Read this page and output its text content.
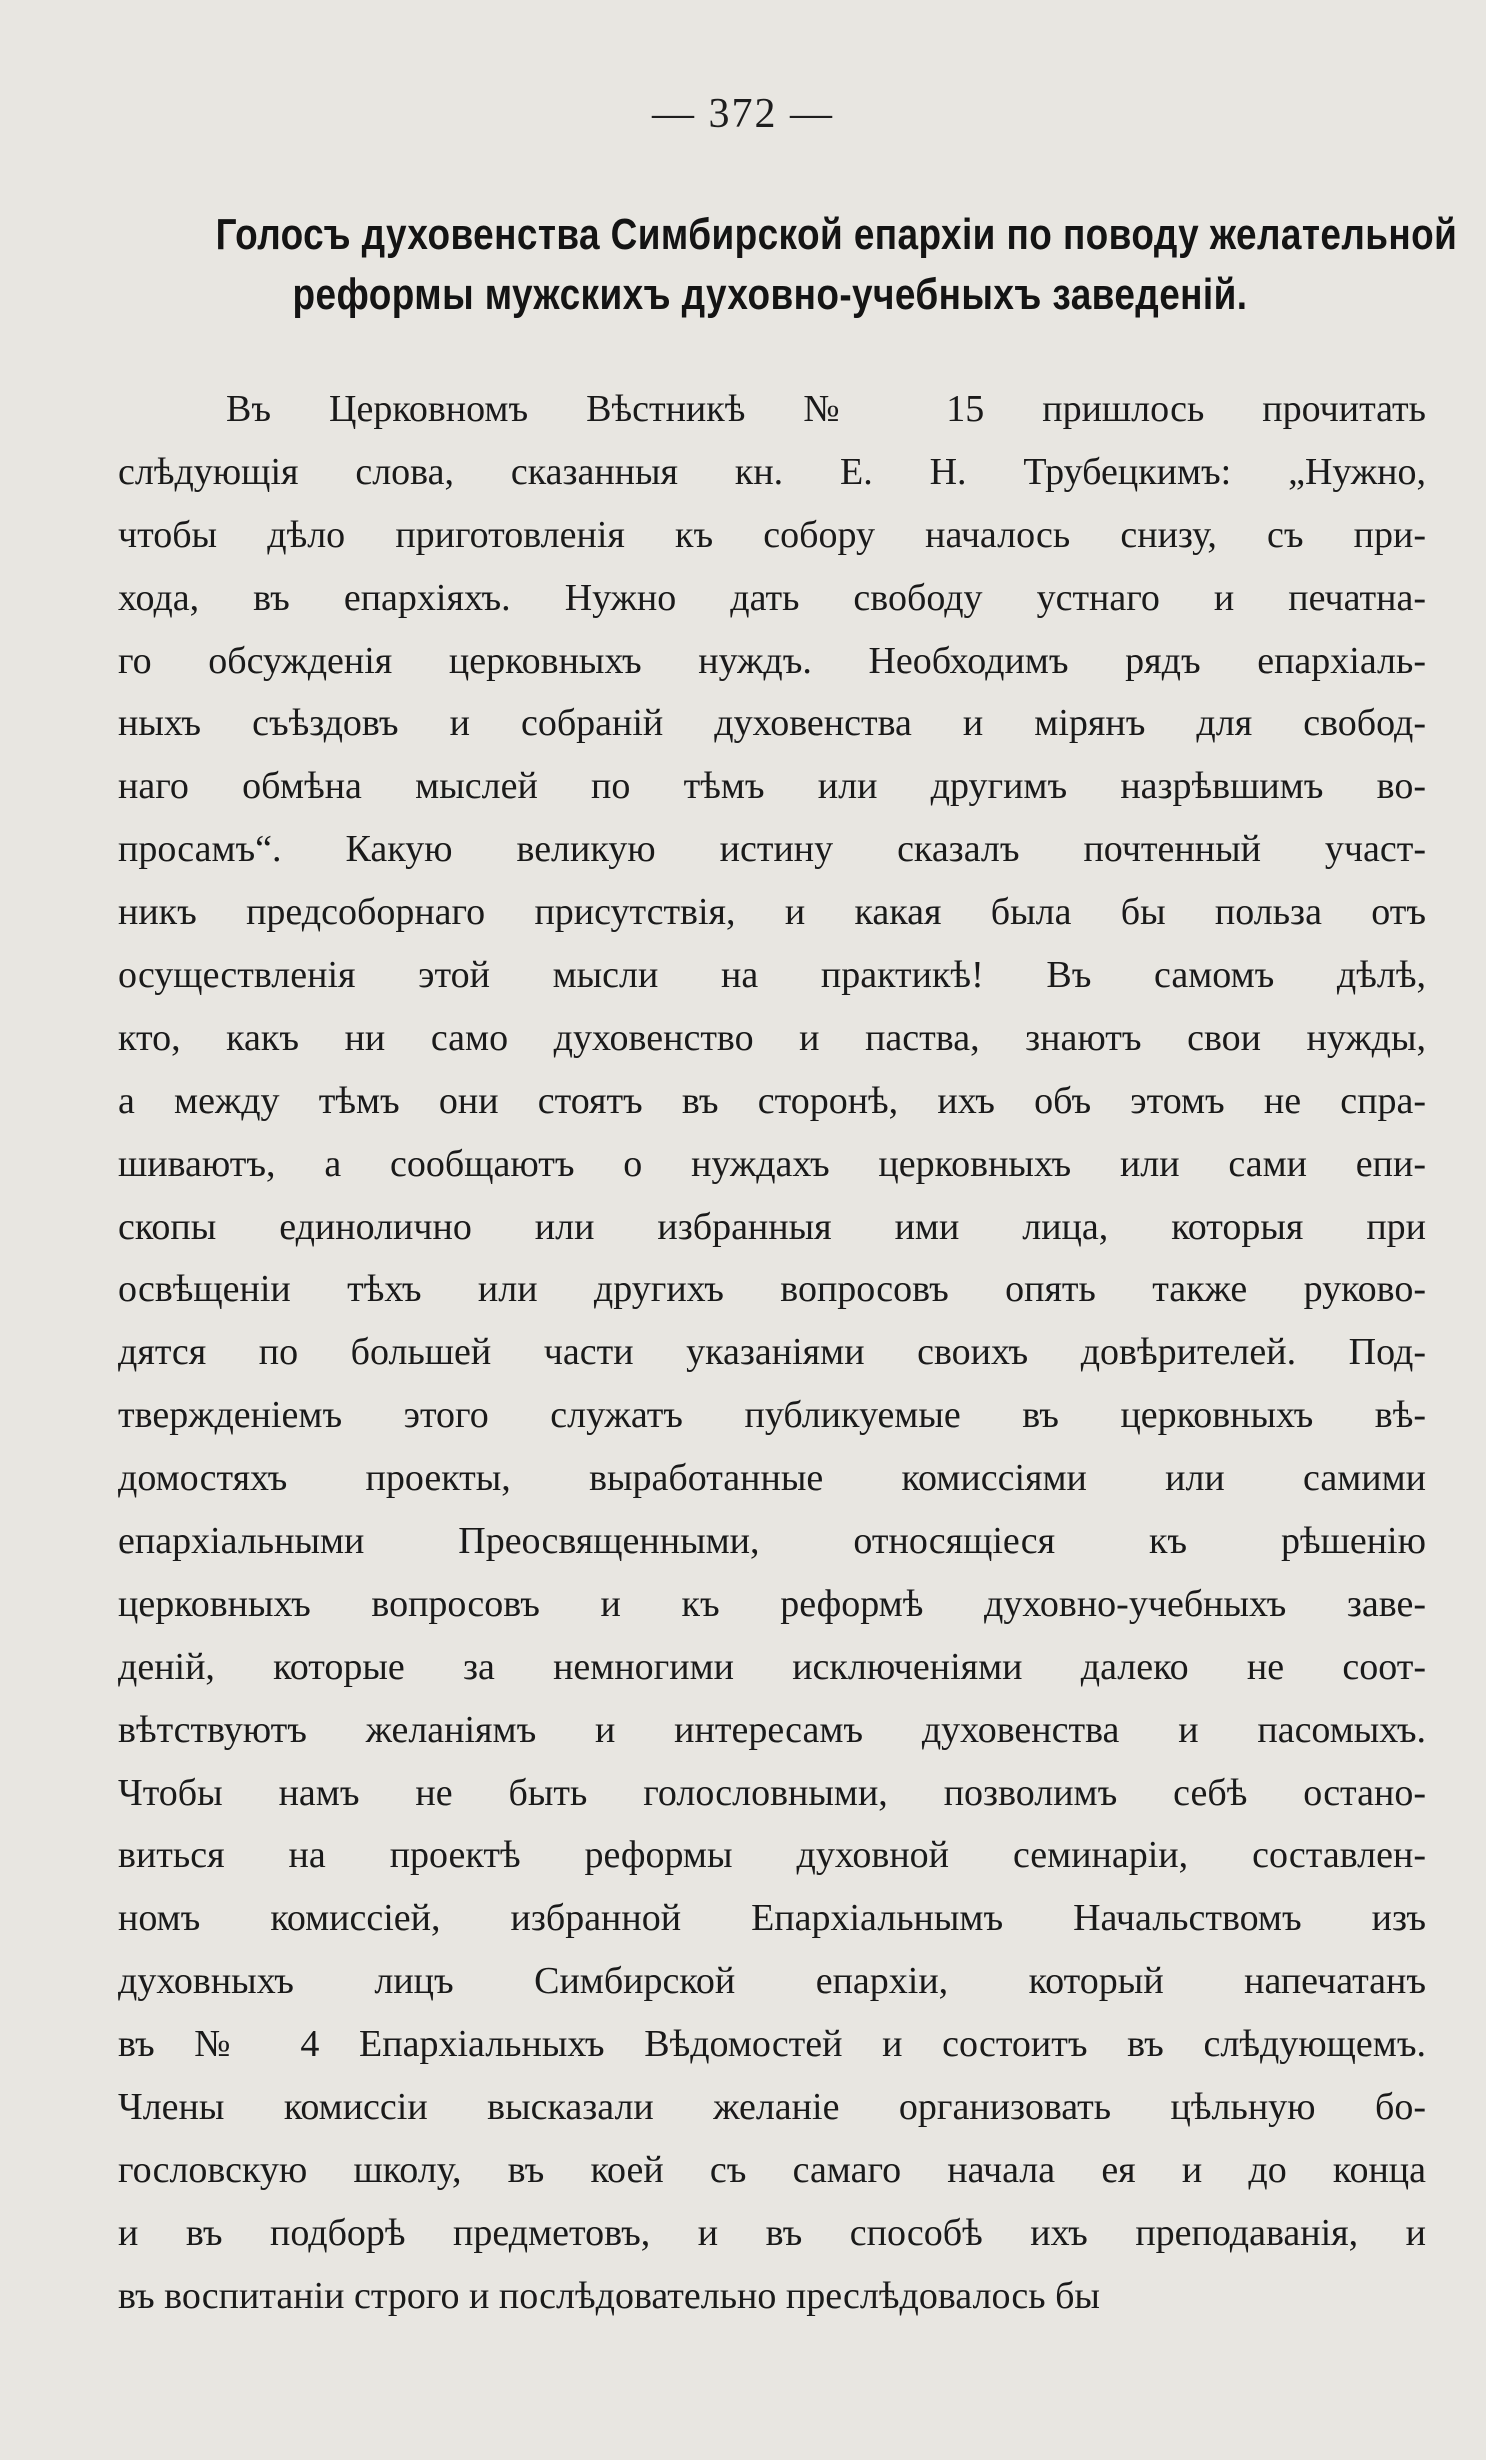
— 372 —
Голосъ духовенства Симбирской епархіи по поводу желательной
реформы мужскихъ духовно-учебныхъ заведеній.
Въ Церковномъ Вѣстникѣ № 15 пришлось прочитать
слѣдующія слова, сказанныя кн. Е. Н. Трубецкимъ: „Нужно,
чтобы дѣло приготовленія къ собору началось снизу, съ при-
хода, въ епархіяхъ. Нужно дать свободу устнаго и печатна-
го обсужденія церковныхъ нуждъ. Необходимъ рядъ епархіаль-
ныхъ съѣздовъ и собраній духовенства и мірянъ для свобод-
наго обмѣна мыслей по тѣмъ или другимъ назрѣвшимъ во-
просамъ“. Какую великую истину сказалъ почтенный участ-
никъ предсоборнаго присутствія, и какая была бы польза отъ
осуществленія этой мысли на практикѣ! Въ самомъ дѣлѣ,
кто, какъ ни само духовенство и паства, знаютъ свои нужды,
а между тѣмъ они стоятъ въ сторонѣ, ихъ объ этомъ не спра-
шиваютъ, а сообщаютъ о нуждахъ церковныхъ или сами епи-
скопы единолично или избранныя ими лица, которыя при
освѣщеніи тѣхъ или другихъ вопросовъ опять также руково-
дятся по большей части указаніями своихъ довѣрителей. Под-
твержденіемъ этого служатъ публикуемые въ церковныхъ вѣ-
домостяхъ проекты, выработанные комиссіями или самими
епархіальными Преосвященными, относящіеся къ рѣшенію
церковныхъ вопросовъ и къ реформѣ духовно-учебныхъ заве-
деній, которые за немногими исключеніями далеко не соот-
вѣтствуютъ желаніямъ и интересамъ духовенства и пасомыхъ.
Чтобы намъ не быть голословными, позволимъ себѣ остано-
виться на проектѣ реформы духовной семинаріи, составлен-
номъ комиссіей, избранной Епархіальнымъ Начальствомъ изъ
духовныхъ лицъ Симбирской епархіи, который напечатанъ
въ № 4 Епархіальныхъ Вѣдомостей и состоитъ въ слѣдующемъ.
Члены комиссіи высказали желаніе организовать цѣльную бо-
гословскую школу, въ коей съ самаго начала ея и до конца
и въ подборѣ предметовъ, и въ способѣ ихъ преподаванія, и
въ воспитаніи строго и послѣдовательно преслѣдовалось бы
